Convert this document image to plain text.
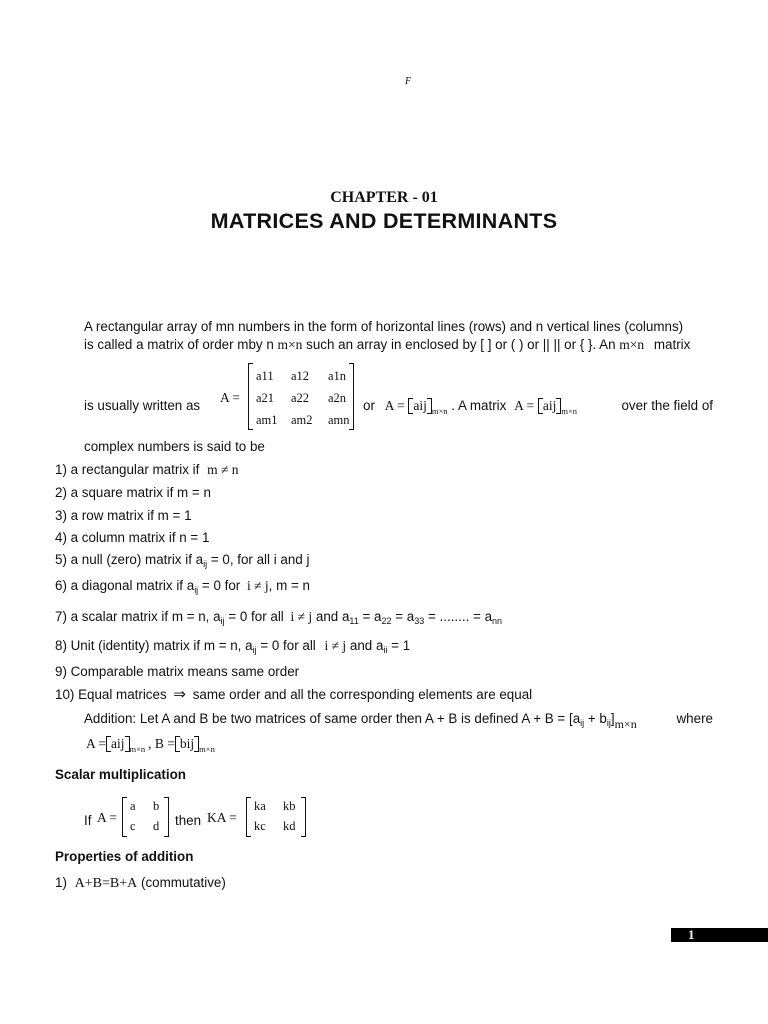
F
CHAPTER - 01
MATRICES AND DETERMINANTS
A rectangular array of mn numbers in the form of horizontal lines (rows) and n vertical lines (columns)
is called a matrix of order mby n m×n such an array in enclosed by [ ] or ( ) or || || or { }. An m×n matrix
is usually written as
A =
a11 a12 a1n
a21 a22 a2n
am1 am2 amn
or A = aij $_{m\times n}$ . A matrix A = aij $_{m\times n}$	over the field of
complex numbers is said to be
1) a rectangular matrix if m ≠ n
2) a square matrix if m = n
3) a row matrix if m = 1
4) a column matrix if n = 1
5) a null (zero) matrix if $a_{ij} = 0$, for all i and j
6) a diagonal matrix if $a_{ij} = 0$ for i ≠ j, m = n
7) a scalar matrix if m = n, $a_{ij} = 0$ for all i ≠ j and $a_{11} = a_{22} = a_{33}$ = ........ = $a_{nn}$
8) Unit (identity) matrix if m = n, $a_{ij} = 0$ for all i ≠ j and $a_{ii} = 1$
9) Comparable matrix means same order
10) Equal matrices ⇒ same order and all the corresponding elements are equal
Addition: Let A and B be two matrices of same order then A + B is defined $A + B = [a_{ij} + b_{ij}]m\times n$	where
A = aij $_{m\times n}$ , B = bij $_{m\times n}$
Scalar multiplication
If A =
a b
c d then KA =
ka kb
kc kd
Properties of addition
1) A+B=B+A (commutative)
1
